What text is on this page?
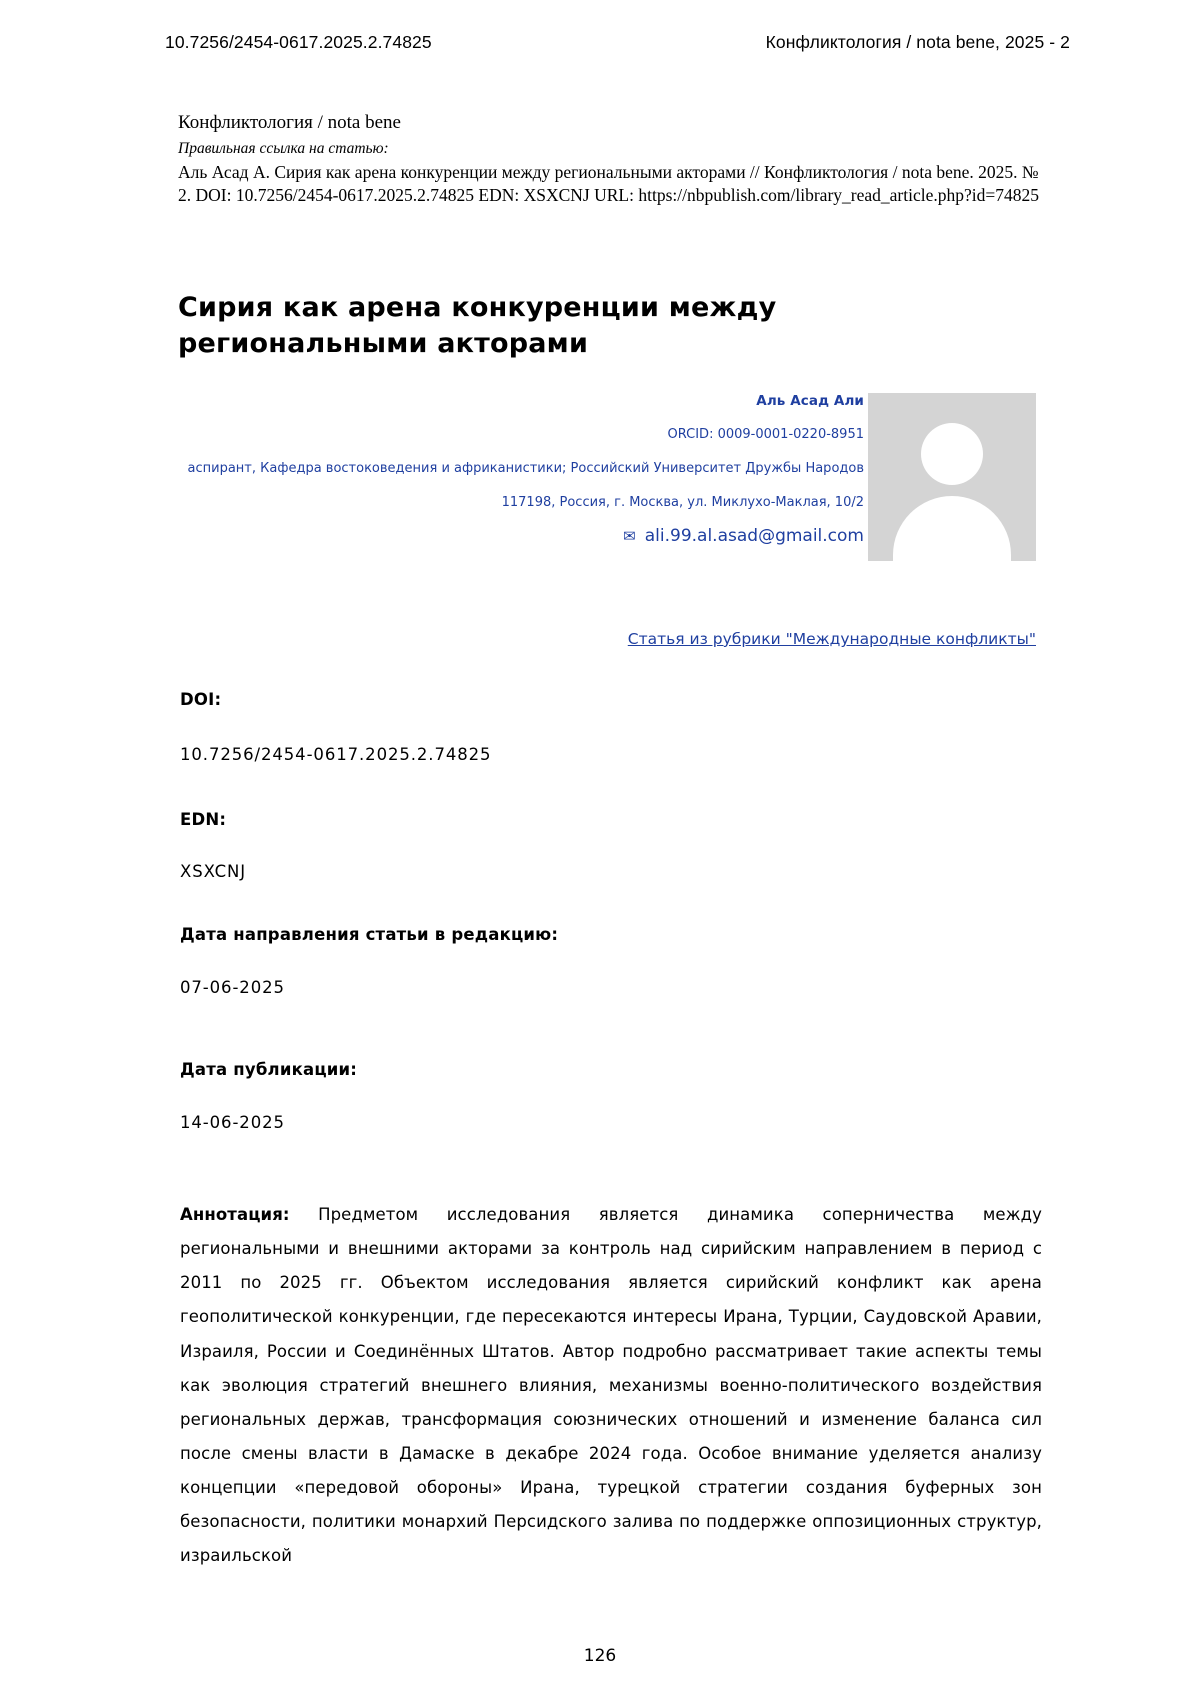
10.7256/2454-0617.2025.2.74825	Конфликтология / nota bene, 2025 - 2
Конфликтология / nota bene
Правильная ссылка на статью:
Аль Асад А. Сирия как арена конкуренции между региональными акторами // Конфликтология / nota bene. 2025. № 2. DOI: 10.7256/2454-0617.2025.2.74825 EDN: XSXCNJ URL: https://nbpublish.com/library_read_article.php?id=74825
Сирия как арена конкуренции между региональными акторами
Аль Асад Али
ORCID: 0009-0001-0220-8951
аспирант, Кафедра востоковедения и африканистики; Российский Университет Дружбы Народов
117198, Россия, г. Москва, ул. Миклухо-Маклая, 10/2
✉ ali.99.al.asad@gmail.com
Статья из рубрики "Международные конфликты"
DOI:
10.7256/2454-0617.2025.2.74825
EDN:
XSXCNJ
Дата направления статьи в редакцию:
07-06-2025
Дата публикации:
14-06-2025
Аннотация: Предметом исследования является динамика соперничества между региональными и внешними акторами за контроль над сирийским направлением в период с 2011 по 2025 гг. Объектом исследования является сирийский конфликт как арена геополитической конкуренции, где пересекаются интересы Ирана, Турции, Саудовской Аравии, Израиля, России и Соединённых Штатов. Автор подробно рассматривает такие аспекты темы как эволюция стратегий внешнего влияния, механизмы военно-политического воздействия региональных держав, трансформация союзнических отношений и изменение баланса сил после смены власти в Дамаске в декабре 2024 года. Особое внимание уделяется анализу концепции «передовой обороны» Ирана, турецкой стратегии создания буферных зон безопасности, политики монархий Персидского залива по поддержке оппозиционных структур, израильской
126
